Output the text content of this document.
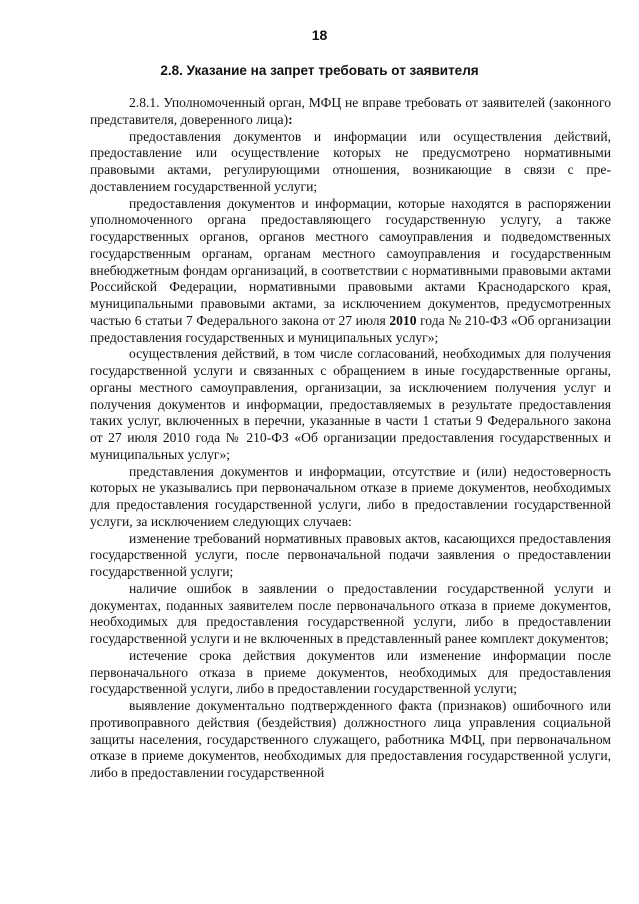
18
2.8. Указание на запрет требовать от заявителя

2.8.1. Уполномоченный орган, МФЦ не вправе требовать от заявителей (законного представителя, доверенного лица):

предоставления документов и информации или осуществления действий, предоставление или осуществление которых не предусмотрено нормативными правовыми актами, регулирующими отношения, возникающие в связи с предоставлением государственной услуги;

предоставления документов и информации, которые находятся в распоряжении уполномоченного органа предоставляющего государственную услугу, а также государственных органов, органов местного самоуправления и подведомственных государственным органам, органам местного самоуправления и государственным внебюджетным фондам организаций, в соответствии с нормативными правовыми актами Российской Федерации, нормативными правовыми актами Краснодарского края, муниципальными правовыми актами, за исключением документов, предусмотренных частью 6 статьи 7 Федерального закона от 27 июля 2010 года № 210-ФЗ «Об организации предоставления государственных и муниципальных услуг»;

осуществления действий, в том числе согласований, необходимых для получения государственной услуги и связанных с обращением в иные государственные органы, органы местного самоуправления, организации, за исключением получения услуг и получения документов и информации, предоставляемых в результате предоставления таких услуг, включенных в перечни, указанные в части 1 статьи 9 Федерального закона от 27 июля 2010 года № 210-ФЗ «Об организации предоставления государственных и муниципальных услуг»;

представления документов и информации, отсутствие и (или) недостоверность которых не указывались при первоначальном отказе в приеме документов, необходимых для предоставления государственной услуги, либо в предоставлении государственной услуги, за исключением следующих случаев:

изменение требований нормативных правовых актов, касающихся предоставления государственной услуги, после первоначальной подачи заявления о предоставлении государственной услуги;

наличие ошибок в заявлении о предоставлении государственной услуги и документах, поданных заявителем после первоначального отказа в приеме документов, необходимых для предоставления государственной услуги, либо в предоставлении государственной услуги и не включенных в представленный ранее комплект документов;

истечение срока действия документов или изменение информации после первоначального отказа в приеме документов, необходимых для предоставления государственной услуги, либо в предоставлении государственной услуги;

выявление документально подтвержденного факта (признаков) ошибочного или противоправного действия (бездействия) должностного лица управления социальной защиты населения, государственного служащего, работника МФЦ, при первоначальном отказе в приеме документов, необходимых для предоставления государственной услуги, либо в предоставлении государственной
